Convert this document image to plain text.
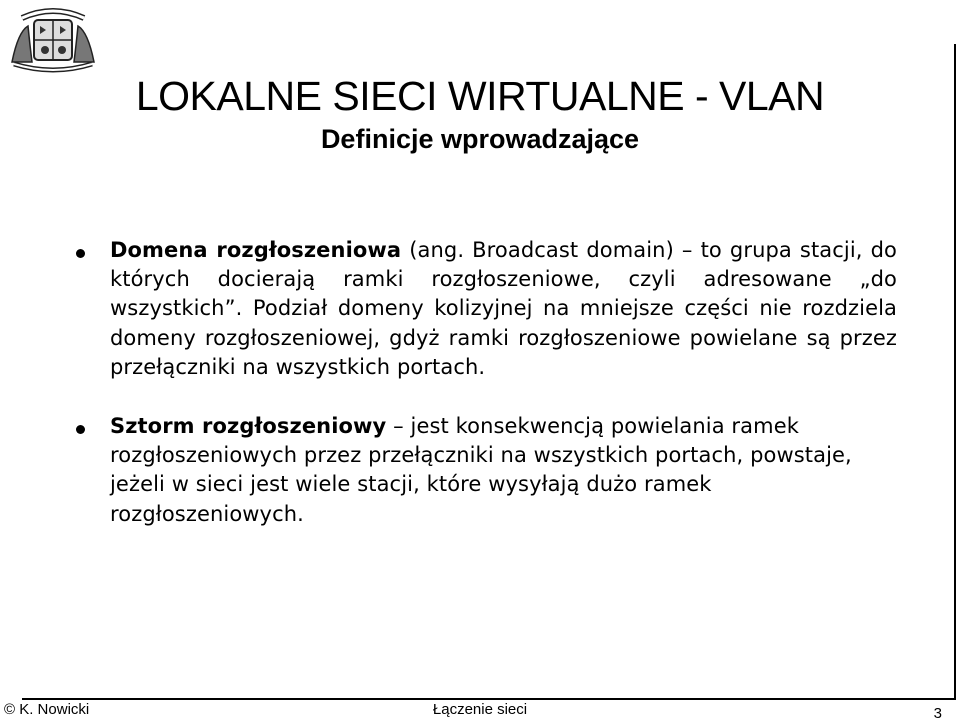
LOKALNE SIECI WIRTUALNE - VLAN
Definicje wprowadzające
Domena rozgłoszeniowa (ang. Broadcast domain) – to grupa stacji, do których docierają ramki rozgłoszeniowe, czyli adresowane „do wszystkich”. Podział domeny kolizyjnej na mniejsze części nie rozdziela domeny rozgłoszeniowej, gdyż ramki rozgłoszeniowe powielane są przez przełączniki na wszystkich portach.
Sztorm rozgłoszeniowy – jest konsekwencją powielania ramek rozgłoszeniowych przez przełączniki na wszystkich portach, powstaje, jeżeli w sieci jest wiele stacji, które wysyłają dużo ramek rozgłoszeniowych.
© K. Nowicki	Łączenie sieci	3
